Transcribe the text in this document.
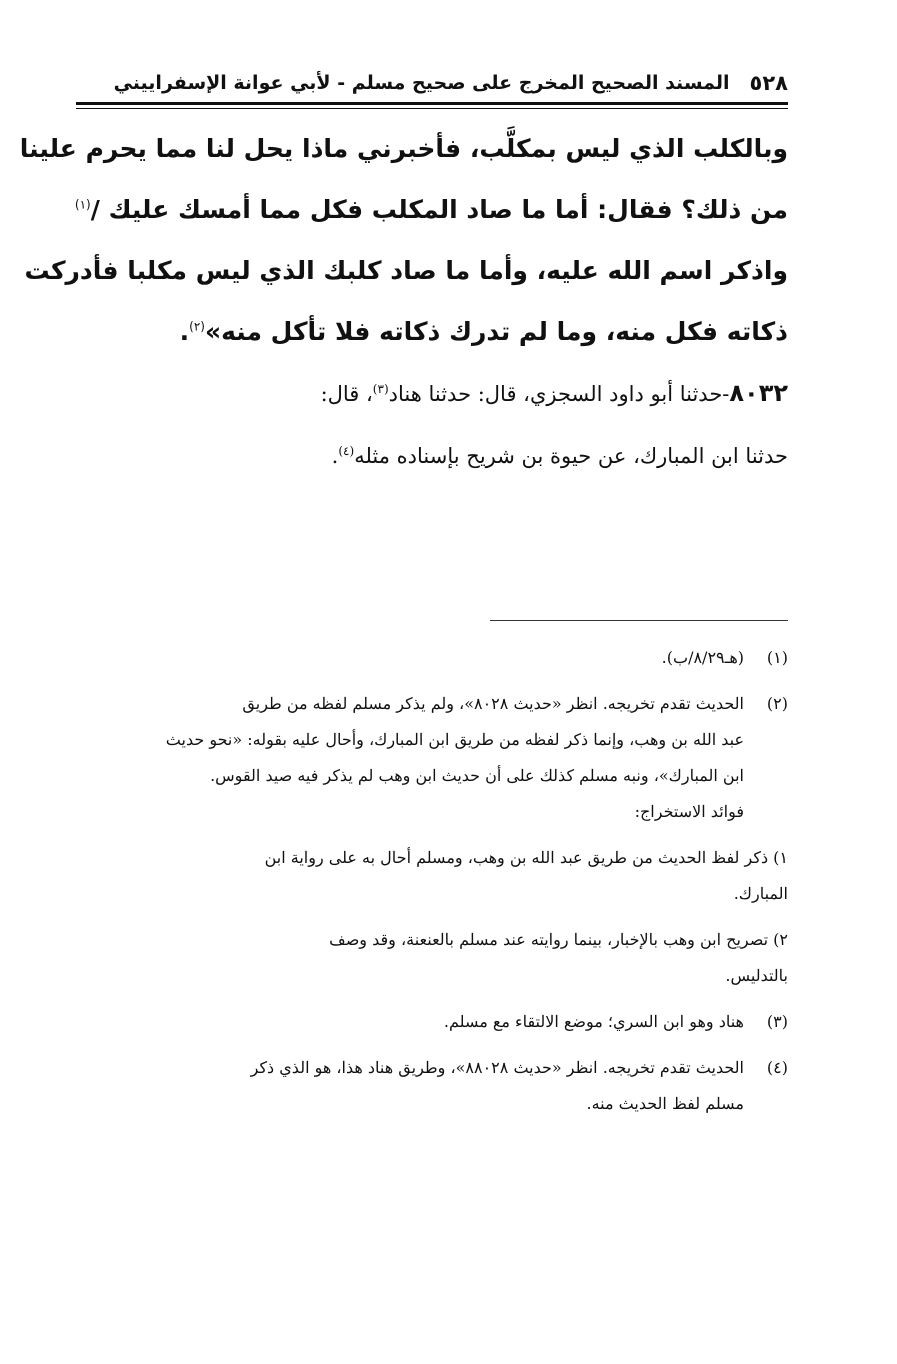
٥٢٨
المسند الصحيح المخرج على صحيح مسلم - لأبي عوانة الإسفراييني
وبالكلب الذي ليس بمكلَّب، فأخبرني ماذا يحل لنا مما يحرم علينا
من ذلك؟ فقال: أما ما صاد المكلب فكل مما أمسك عليك /$^{(١)}$
واذكر اسم الله عليه، وأما ما صاد كلبك الذي ليس مكلبا فأدركت
ذكاته فكل منه، وما لم تدرك ذكاته فلا تأكل منه»$^{(٢)}$.
٨٠٣٢-حدثنا أبو داود السجزي، قال: حدثنا هناد$^{(٣)}$، قال:
حدثنا ابن المبارك، عن حيوة بن شريح بإسناده مثله$^{(٤)}$.
(١)
(هـ٨/٢٩/ب).
(٢)
الحديث تقدم تخريجه. انظر «حديث ٨٠٢٨»، ولم يذكر مسلم لفظه من طريق
عبد الله بن وهب، وإنما ذكر لفظه من طريق ابن المبارك، وأحال عليه بقوله: «نحو حديث
ابن المبارك»، ونبه مسلم كذلك على أن حديث ابن وهب لم يذكر فيه صيد القوس.
فوائد الاستخراج:
١) ذكر لفظ الحديث من طريق عبد الله بن وهب، ومسلم أحال به على رواية ابن
المبارك.
٢) تصريح ابن وهب بالإخبار، بينما روايته عند مسلم بالعنعنة، وقد وصف
بالتدليس.
(٣)
هناد وهو ابن السري؛ موضع الالتقاء مع مسلم.
(٤)
الحديث تقدم تخريجه. انظر «حديث ٨٨٠٢٨»، وطريق هناد هذا، هو الذي ذكر
مسلم لفظ الحديث منه.
